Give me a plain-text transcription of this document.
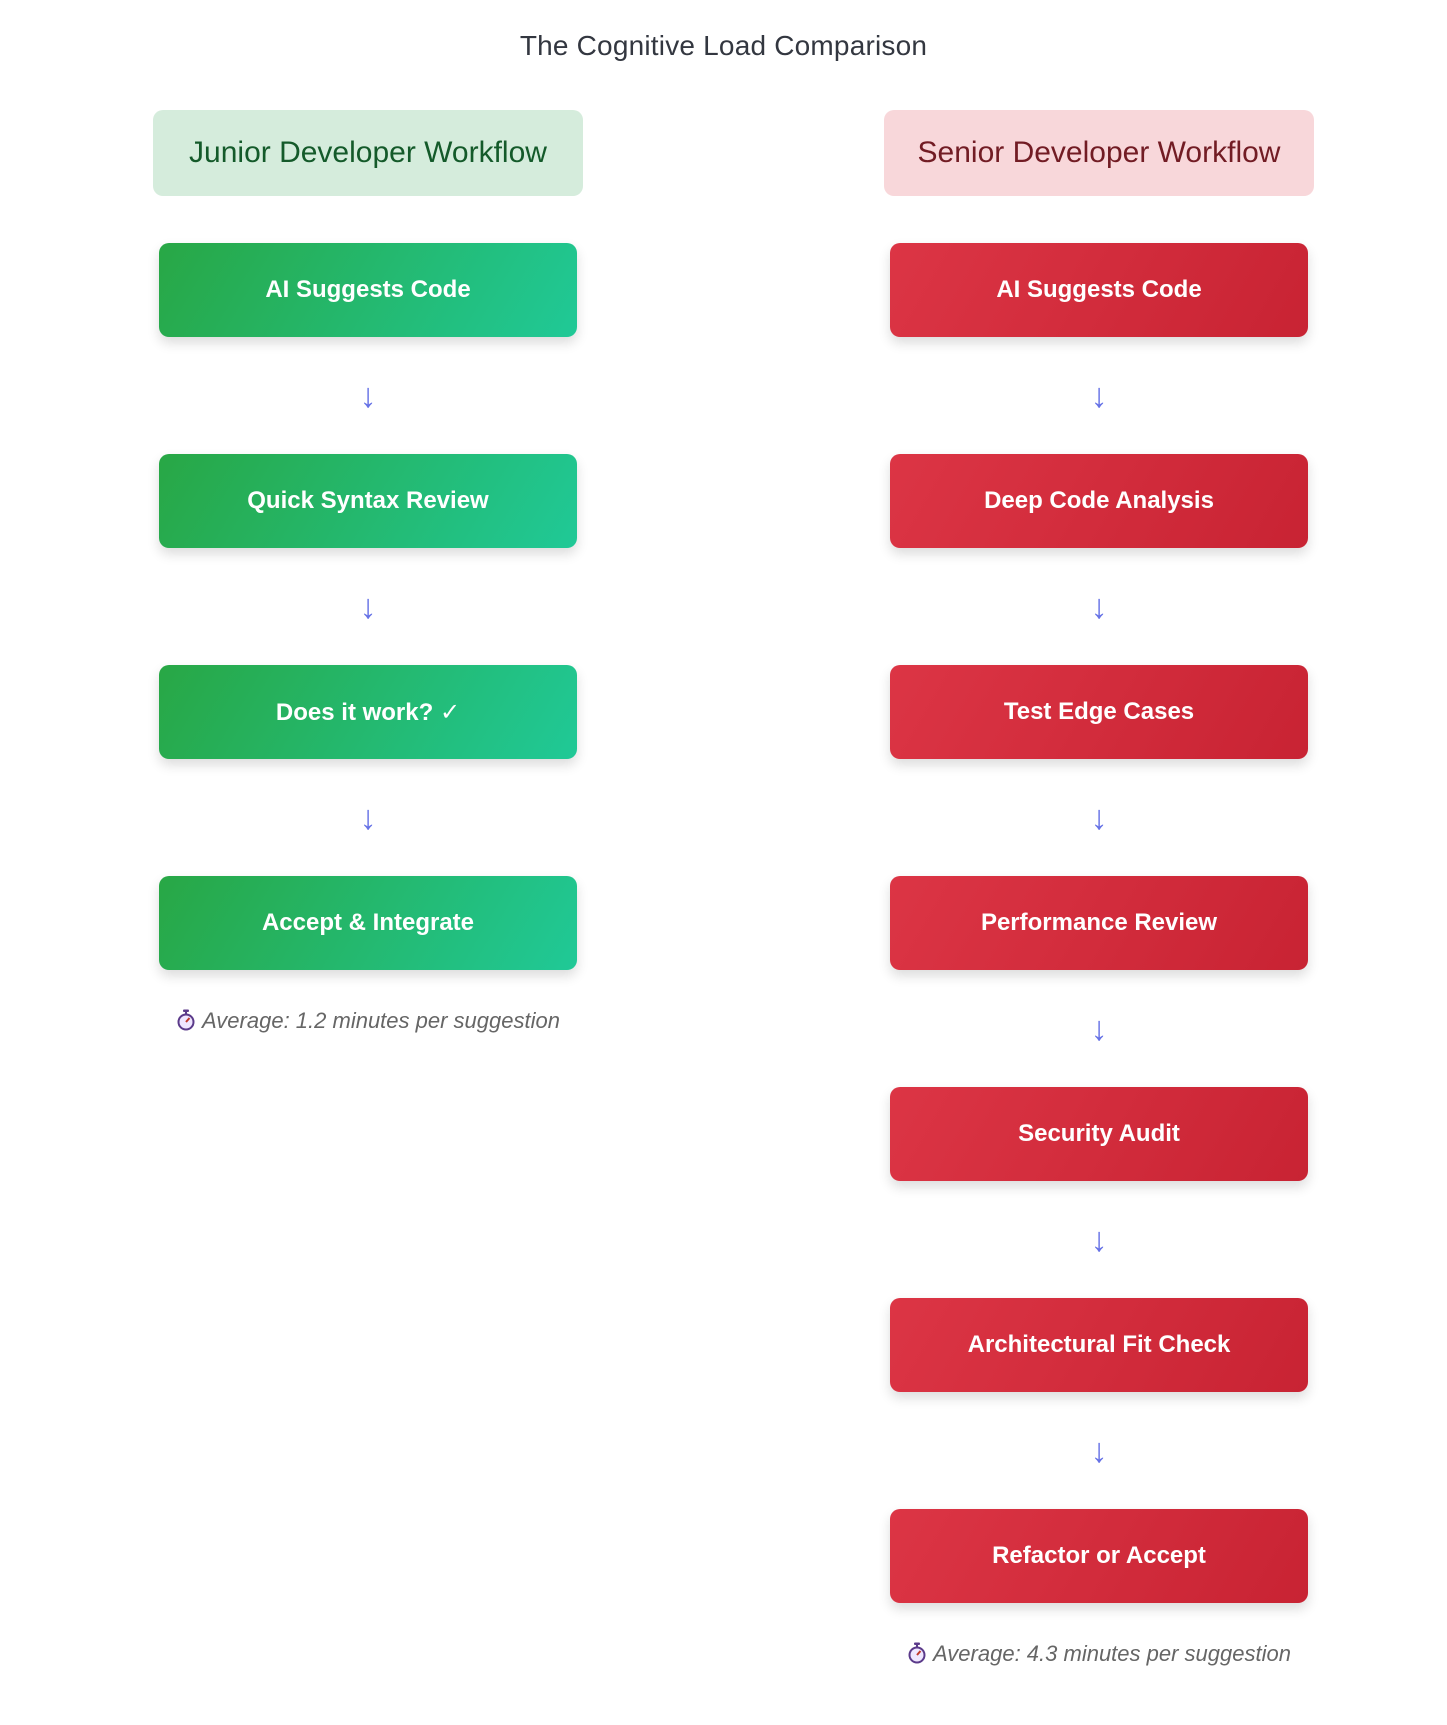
The Cognitive Load Comparison
Junior Developer Workflow
AI Suggests Code
↓
Quick Syntax Review
↓
Does it work? ✓
↓
Accept & Integrate
Average: 1.2 minutes per suggestion
Senior Developer Workflow
AI Suggests Code
↓
Deep Code Analysis
↓
Test Edge Cases
↓
Performance Review
↓
Security Audit
↓
Architectural Fit Check
↓
Refactor or Accept
Average: 4.3 minutes per suggestion
